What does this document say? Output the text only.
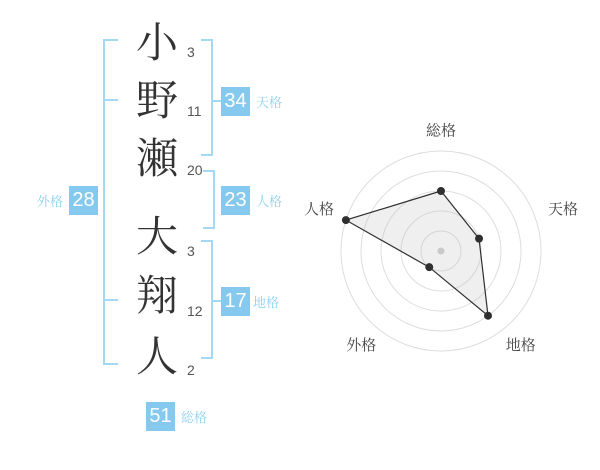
小
野
瀬
大
翔
人
3
11
20
3
12
2
34 天格
23 人格
17 地格
28
外格
51 総格
総格
天格
地格
外格
人格
